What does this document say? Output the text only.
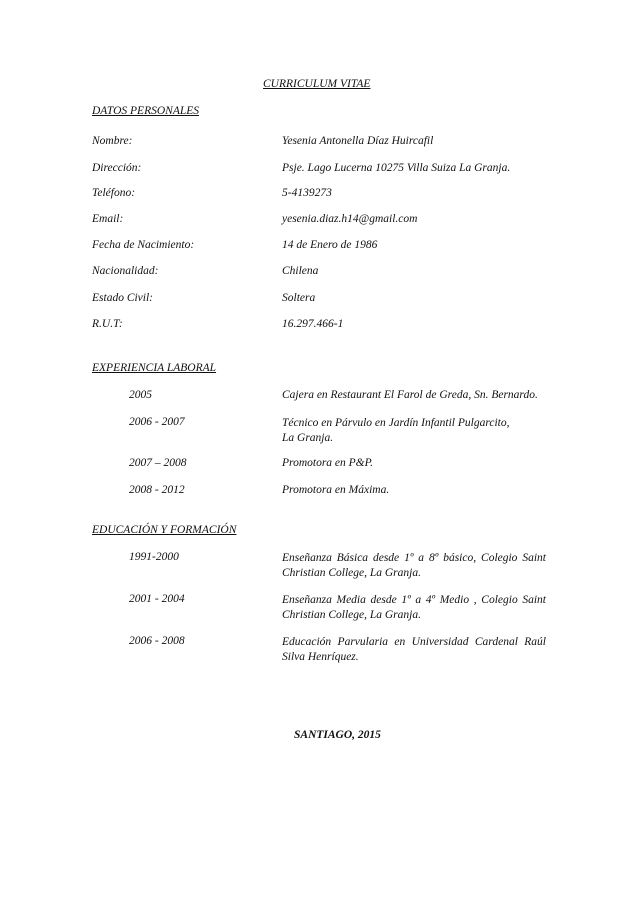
CURRICULUM VITAE
DATOS PERSONALES
Nombre:	Yesenia Antonella Díaz Huircafil
Dirección:	Psje. Lago Lucerna 10275 Villa Suiza La Granja.
Teléfono:	5-4139273
Email:	yesenia.diaz.h14@gmail.com
Fecha de Nacimiento:	14 de Enero de 1986
Nacionalidad:	Chilena
Estado Civil:	Soltera
R.U.T:	16.297.466-1
EXPERIENCIA LABORAL
2005	Cajera en Restaurant El Farol de Greda, Sn. Bernardo.
2006 - 2007	Técnico en Párvulo en Jardín Infantil Pulgarcito, La Granja.
2007 – 2008	Promotora en P&P.
2008 - 2012	Promotora en Máxima.
EDUCACIÓN Y FORMACIÓN
1991-2000	Enseñanza Básica desde 1º a 8º básico, Colegio Saint Christian College, La Granja.
2001 - 2004	Enseñanza Media desde 1º a 4º Medio , Colegio Saint Christian College, La Granja.
2006 - 2008	Educación Parvularia en Universidad Cardenal Raúl Silva Henríquez.
SANTIAGO, 2015
